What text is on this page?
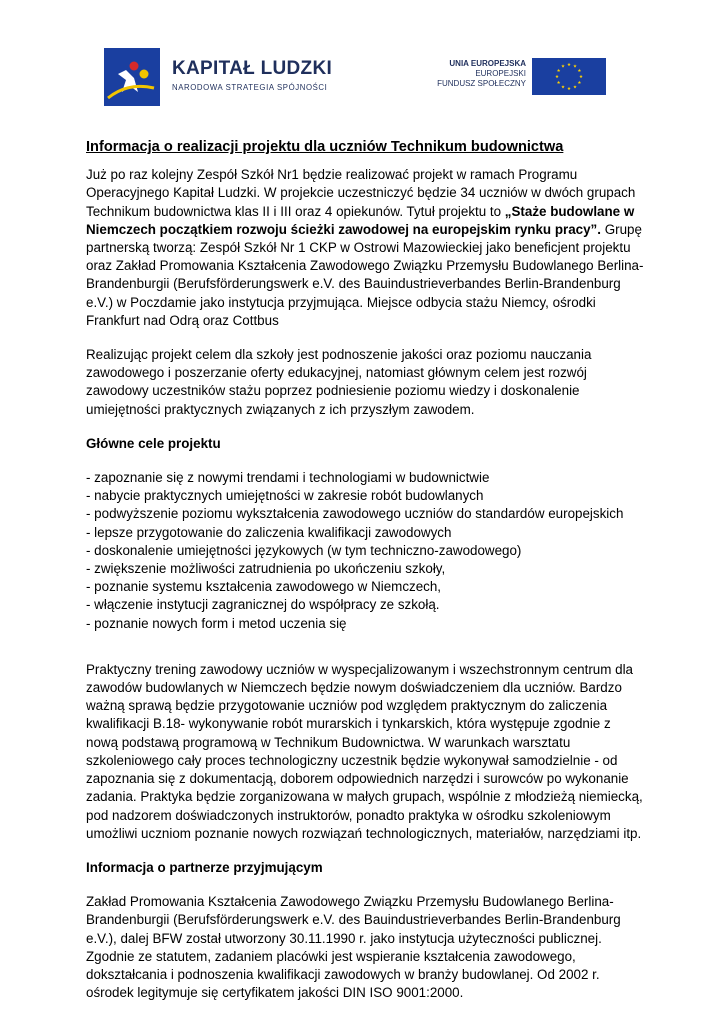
KAPITAŁ LUDZKI
NARODOWA STRATEGIA SPÓJNOŚCI
UNIA EUROPEJSKA
EUROPEJSKI
FUNDUSZ SPOŁECZNY
Informacja o realizacji projektu dla uczniów Technikum budownictwa

Już po raz kolejny Zespół Szkół Nr1 będzie realizować projekt w ramach Programu Operacyjnego Kapitał Ludzki. W projekcie uczestniczyć będzie 34 uczniów w dwóch grupach Technikum budownictwa klas II i III oraz 4 opiekunów. Tytuł projektu to „Staże budowlane w Niemczech początkiem rozwoju ścieżki zawodowej na europejskim rynku pracy”. Grupę partnerską tworzą: Zespół Szkół Nr 1 CKP w Ostrowi Mazowieckiej jako beneficjent projektu oraz Zakład Promowania Kształcenia Zawodowego Związku Przemysłu Budowlanego Berlina-Brandenburgii (Berufsförderungswerk e.V. des Bauindustrieverbandes Berlin-Brandenburg e.V.) w Poczdamie jako instytucja przyjmująca. Miejsce odbycia stażu Niemcy, ośrodki Frankfurt nad Odrą oraz Cottbus

Realizując projekt celem dla szkoły jest podnoszenie jakości oraz poziomu nauczania zawodowego i poszerzanie oferty edukacyjnej, natomiast głównym celem jest rozwój zawodowy uczestników stażu poprzez podniesienie poziomu wiedzy i doskonalenie umiejętności praktycznych związanych z ich przyszłym zawodem.

Główne cele projektu
- zapoznanie się z nowymi trendami i technologiami w budownictwie
- nabycie praktycznych umiejętności w zakresie robót budowlanych
- podwyższenie poziomu wykształcenia zawodowego uczniów do standardów europejskich
- lepsze przygotowanie do zaliczenia kwalifikacji zawodowych
- doskonalenie umiejętności językowych (w tym techniczno-zawodowego)
- zwiększenie możliwości zatrudnienia po ukończeniu szkoły,
- poznanie systemu kształcenia zawodowego w Niemczech,
- włączenie instytucji zagranicznej do współpracy ze szkołą.
- poznanie nowych form i metod uczenia się

Praktyczny trening zawodowy uczniów w wyspecjalizowanym i wszechstronnym centrum dla zawodów budowlanych w Niemczech będzie nowym doświadczeniem dla uczniów. Bardzo ważną sprawą będzie przygotowanie uczniów pod względem praktycznym do zaliczenia kwalifikacji B.18- wykonywanie robót murarskich i tynkarskich, która występuje zgodnie z nową podstawą programową w Technikum Budownictwa. W warunkach warsztatu szkoleniowego cały proces technologiczny uczestnik będzie wykonywał samodzielnie - od zapoznania się z dokumentacją, doborem odpowiednich narzędzi i surowców po wykonanie zadania. Praktyka będzie zorganizowana w małych grupach, wspólnie z młodzieżą niemiecką, pod nadzorem doświadczonych instruktorów, ponadto praktyka w ośrodku szkoleniowym umożliwi uczniom poznanie nowych rozwiązań technologicznych, materiałów, narzędziami itp.

Informacja o partnerze przyjmującym

Zakład Promowania Kształcenia Zawodowego Związku Przemysłu Budowlanego Berlina-Brandenburgii (Berufsförderungswerk e.V. des Bauindustrieverbandes Berlin-Brandenburg e.V.), dalej BFW został utworzony 30.11.1990 r. jako instytucja użyteczności publicznej. Zgodnie ze statutem, zadaniem placówki jest wspieranie kształcenia zawodowego, dokształcania i podnoszenia kwalifikacji zawodowych w branży budowlanej. Od 2002 r. ośrodek legitymuje się certyfikatem jakości DIN ISO 9001:2000.
